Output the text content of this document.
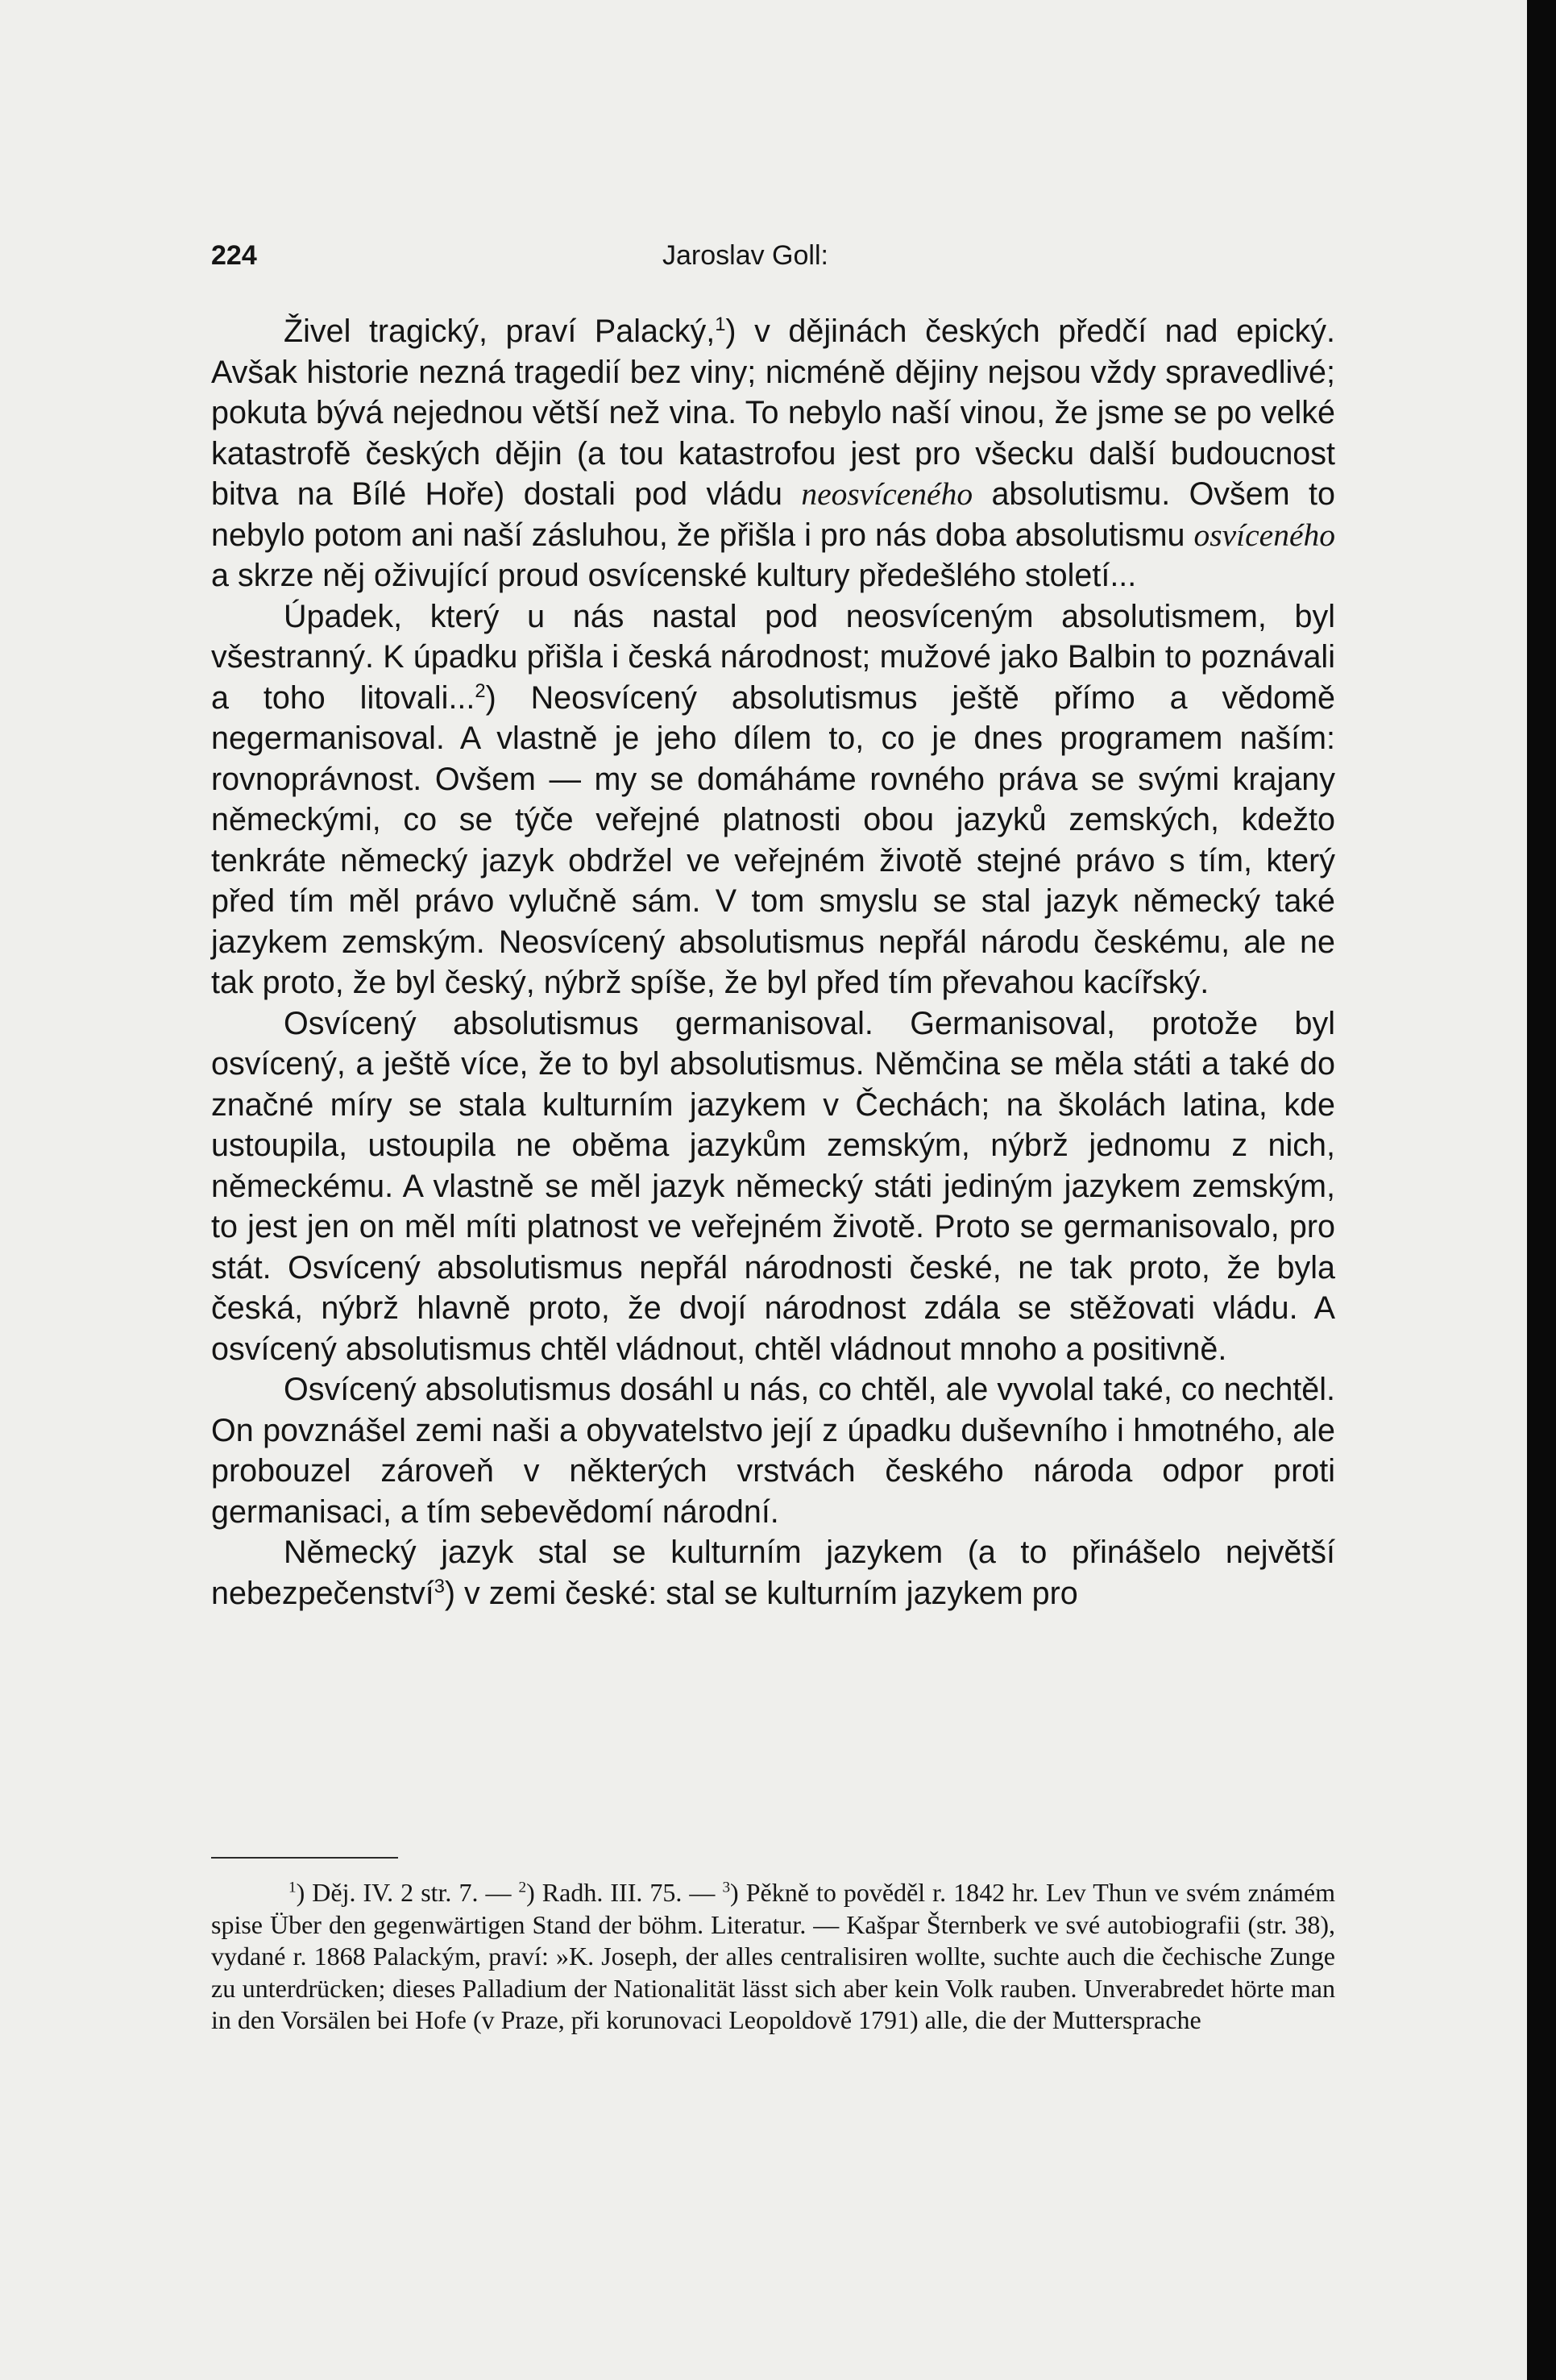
224	Jaroslav Goll:

Živel tragický, praví Palacký,$^1$) v dějinách českých předčí nad epický. Avšak historie nezná tragedií bez viny; nicméně dějiny nejsou vždy spravedlivé; pokuta bývá nejednou větší než vina. To nebylo naší vinou, že jsme se po velké katastrofě českých dějin (a tou katastrofou jest pro všecku další budoucnost bitva na Bílé Hoře) dostali pod vládu neosvíceného absolutismu. Ovšem to nebylo potom ani naší zásluhou, že přišla i pro nás doba absolutismu osvíceného a skrze něj oživující proud osvícenské kultury předešlého století...

Úpadek, který u nás nastal pod neosvíceným absolutismem, byl všestranný. K úpadku přišla i česká národnost; mužové jako Balbin to poznávali a toho litovali...$^2$) Neosvícený absolutismus ještě přímo a vědomě negermanisoval. A vlastně je jeho dílem to, co je dnes programem naším: rovnoprávnost. Ovšem — my se domáháme rovného práva se svými krajany německými, co se týče veřejné platnosti obou jazyků zemských, kdežto tenkráte německý jazyk obdržel ve veřejném životě stejné právo s tím, který před tím měl právo vylučně sám. V tom smyslu se stal jazyk německý také jazykem zemským. Neosvícený absolutismus nepřál národu českému, ale ne tak proto, že byl český, nýbrž spíše, že byl před tím převahou kacířský.

Osvícený absolutismus germanisoval. Germanisoval, protože byl osvícený, a ještě více, že to byl absolutismus. Němčina se měla státi a také do značné míry se stala kulturním jazykem v Čechách; na školách latina, kde ustoupila, ustoupila ne oběma jazykům zemským, nýbrž jednomu z nich, německému. A vlastně se měl jazyk německý státi jediným jazykem zemským, to jest jen on měl míti platnost ve veřejném životě. Proto se germanisovalo, pro stát. Osvícený absolutismus nepřál národnosti české, ne tak proto, že byla česká, nýbrž hlavně proto, že dvojí národnost zdála se stěžovati vládu. A osvícený absolutismus chtěl vládnout, chtěl vládnout mnoho a positivně.

Osvícený absolutismus dosáhl u nás, co chtěl, ale vyvolal také, co nechtěl. On povznášel zemi naši a obyvatelstvo její z úpadku duševního i hmotného, ale probouzel zároveň v některých vrstvách českého národa odpor proti germanisaci, a tím sebevědomí národní.

Německý jazyk stal se kulturním jazykem (a to přinášelo největší nebezpečenství$^3$) v zemi české: stal se kulturním jazykem pro

$^1$) Děj. IV. 2 str. 7. — $^2$) Radh. III. 75. — $^3$) Pěkně to pověděl r. 1842 hr. Lev Thun ve svém známém spise Über den gegenwärtigen Stand der böhm. Literatur. — Kašpar Šternberk ve své autobiografii (str. 38), vydané r. 1868 Palackým, praví: »K. Joseph, der alles centralisiren wollte, suchte auch die čechische Zunge zu unterdrücken; dieses Palladium der Nationalität lässt sich aber kein Volk rauben. Unverabredet hörte man in den Vorsälen bei Hofe (v Praze, při korunovaci Leopoldově 1791) alle, die der Muttersprache
